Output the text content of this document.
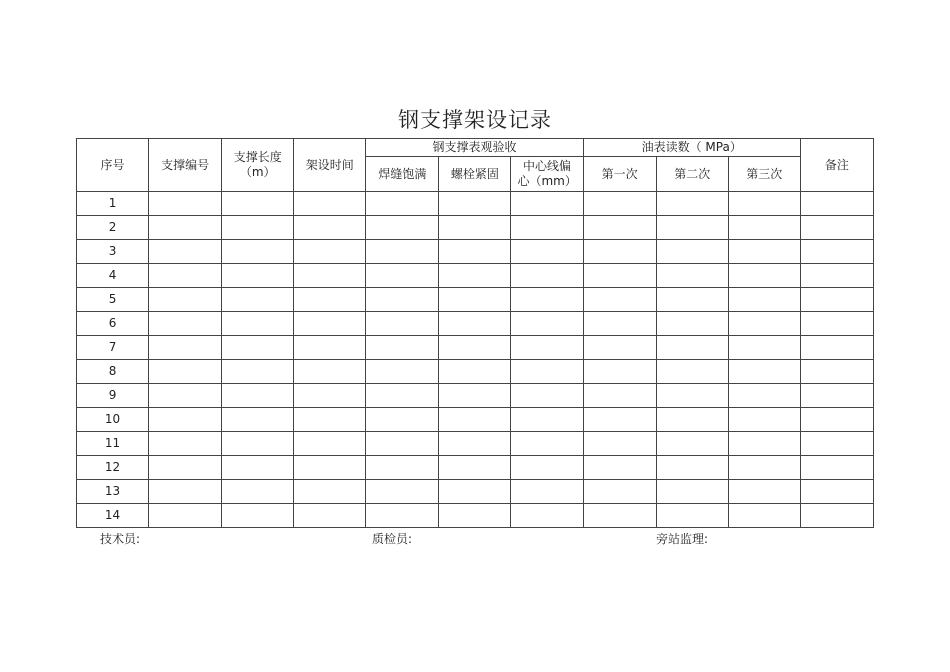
钢支撑架设记录
序号	支撑编号	支撑长度（m）	架设时间	钢支撑表观验收			油表读数（ MPa）			备注
				焊缝饱满	螺栓紧固	中心线偏心（mm）	第一次	第二次	第三次	
1										
2										
3										
4										
5										
6										
7										
8										
9										
10										
11										
12										
13										
14										
技术员:	质检员:	旁站监理:
